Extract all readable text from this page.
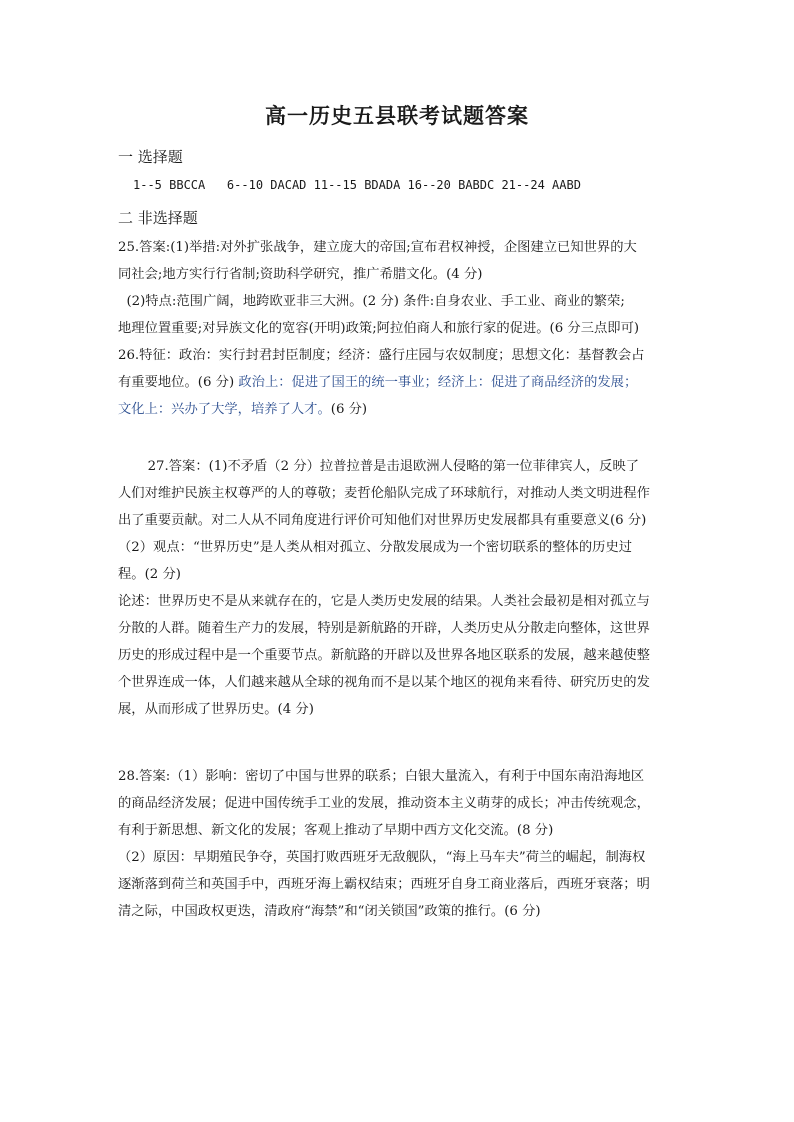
高一历史五县联考试题答案
一 选择题
1--5 BBCCA   6--10 DACAD 11--15 BDADA 16--20 BABDC 21--24 AABD
二 非选择题
25.答案:(1)举措:对外扩张战争，建立庞大的帝国;宣布君权神授，企图建立已知世界的大
同社会;地方实行行省制;资助科学研究，推广希腊文化。(4 分)
(2)特点:范围广阔，地跨欧亚非三大洲。(2 分) 条件:自身农业、手工业、商业的繁荣;
地理位置重要;对异族文化的宽容(开明)政策;阿拉伯商人和旅行家的促进。(6 分三点即可)
26.特征：政治：实行封君封臣制度；经济：盛行庄园与农奴制度；思想文化：基督教会占
有重要地位。(6 分) 政治上：促进了国王的统一事业；经济上：促进了商品经济的发展；
文化上：兴办了大学，培养了人才。(6 分)
27.答案：(1)不矛盾（2 分）拉普拉普是击退欧洲人侵略的第一位菲律宾人，反映了
人们对维护民族主权尊严的人的尊敬；麦哲伦船队完成了环球航行，对推动人类文明进程作
出了重要贡献。对二人从不同角度进行评价可知他们对世界历史发展都具有重要意义(6 分)
（2）观点：“世界历史”是人类从相对孤立、分散发展成为一个密切联系的整体的历史过
程。(2 分)
论述：世界历史不是从来就存在的，它是人类历史发展的结果。人类社会最初是相对孤立与
分散的人群。随着生产力的发展，特别是新航路的开辟，人类历史从分散走向整体，这世界
历史的形成过程中是一个重要节点。新航路的开辟以及世界各地区联系的发展，越来越使整
个世界连成一体，人们越来越从全球的视角而不是以某个地区的视角来看待、研究历史的发
展，从而形成了世界历史。(4 分)
28.答案:（1）影响：密切了中国与世界的联系；白银大量流入，有利于中国东南沿海地区
的商品经济发展；促进中国传统手工业的发展，推动资本主义萌芽的成长；冲击传统观念，
有利于新思想、新文化的发展；客观上推动了早期中西方文化交流。(8 分)
（2）原因：早期殖民争夺，英国打败西班牙无敌舰队，“海上马车夫”荷兰的崛起，制海权
逐渐落到荷兰和英国手中，西班牙海上霸权结束；西班牙自身工商业落后，西班牙衰落；明
清之际，中国政权更迭，清政府“海禁”和“闭关锁国”政策的推行。(6 分)
